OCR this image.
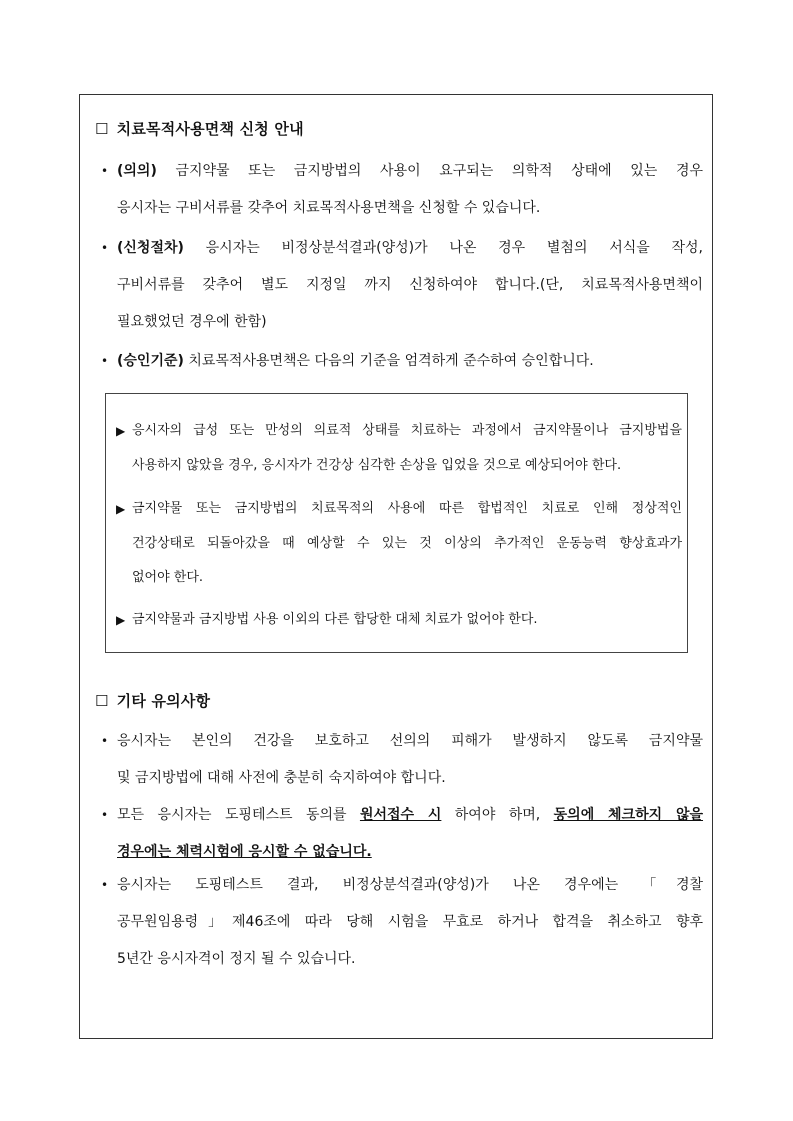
☐ 치료목적사용면책 신청 안내
• (의의) 금지약물 또는 금지방법의 사용이 요구되는 의학적 상태에 있는 경우
응시자는 구비서류를 갖추어 치료목적사용면책을 신청할 수 있습니다.
• (신청절차) 응시자는 비정상분석결과(양성)가 나온 경우 별첨의 서식을 작성,
구비서류를 갖추어 별도 지정일 까지 신청하여야 합니다.(단, 치료목적사용면책이
필요했었던 경우에 한함)
• (승인기준) 치료목적사용면책은 다음의 기준을 엄격하게 준수하여 승인합니다.
▶ 응시자의 급성 또는 만성의 의료적 상태를 치료하는 과정에서 금지약물이나 금지방법을
사용하지 않았을 경우, 응시자가 건강상 심각한 손상을 입었을 것으로 예상되어야 한다.
▶ 금지약물 또는 금지방법의 치료목적의 사용에 따른 합법적인 치료로 인해 정상적인
건강상태로 되돌아갔을 때 예상할 수 있는 것 이상의 추가적인 운동능력 향상효과가
없어야 한다.
▶ 금지약물과 금지방법 사용 이외의 다른 합당한 대체 치료가 없어야 한다.
☐ 기타 유의사항
• 응시자는 본인의 건강을 보호하고 선의의 피해가 발생하지 않도록 금지약물
및 금지방법에 대해 사전에 충분히 숙지하여야 합니다.
• 모든 응시자는 도핑테스트 동의를 원서접수 시 하여야 하며, 동의에 체크하지 않을
경우에는 체력시험에 응시할 수 없습니다.
• 응시자는 도핑테스트 결과, 비정상분석결과(양성)가 나온 경우에는 「경찰
공무원임용령」제46조에 따라 당해 시험을 무효로 하거나 합격을 취소하고 향후
5년간 응시자격이 정지 될 수 있습니다.
